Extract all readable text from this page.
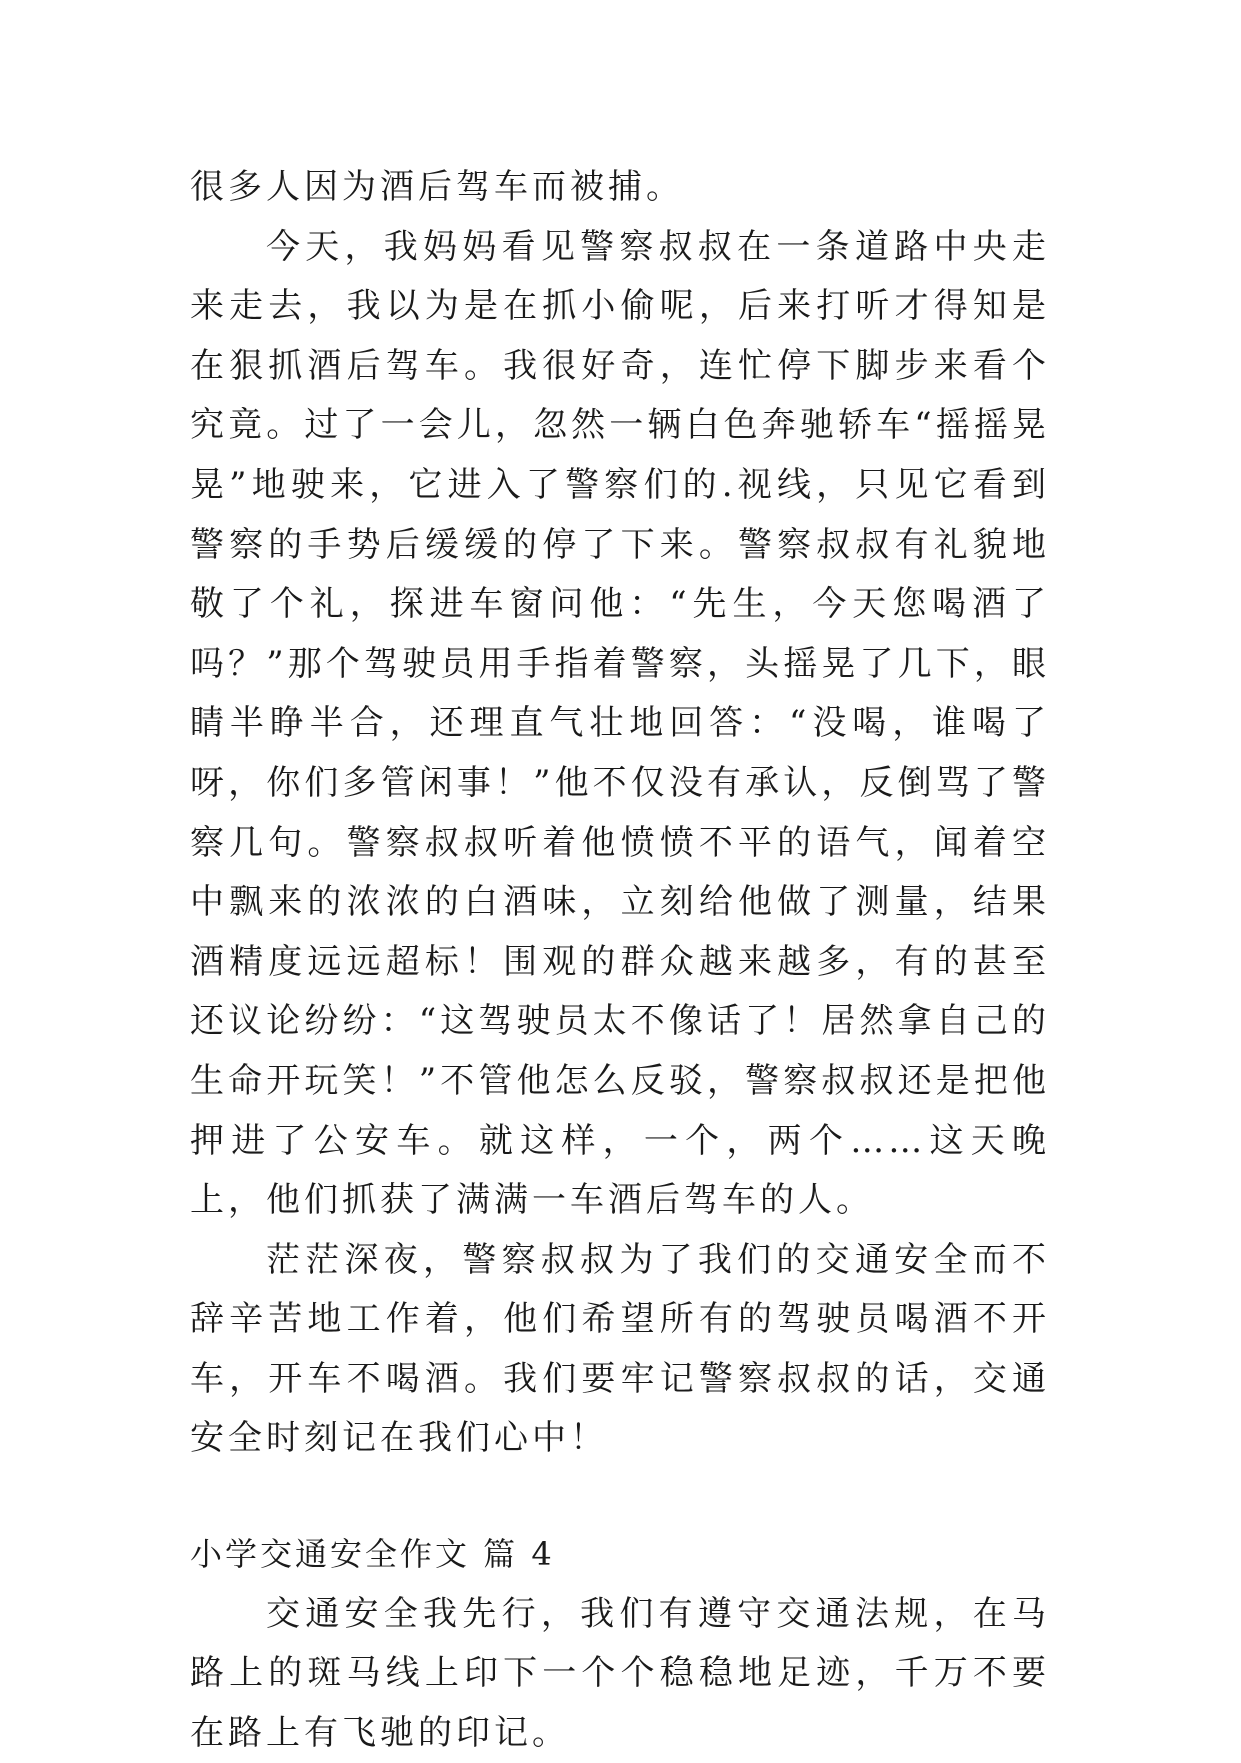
很多人因为酒后驾车而被捕。

今天，我妈妈看见警察叔叔在一条道路中央走来走去，我以为是在抓小偷呢，后来打听才得知是在狠抓酒后驾车。我很好奇，连忙停下脚步来看个究竟。过了一会儿，忽然一辆白色奔驰轿车“摇摇晃晃”地驶来，它进入了警察们的.视线，只见它看到警察的手势后缓缓的停了下来。警察叔叔有礼貌地敬了个礼，探进车窗问他：“先生，今天您喝酒了吗？”那个驾驶员用手指着警察，头摇晃了几下，眼睛半睁半合，还理直气壮地回答：“没喝，谁喝了呀，你们多管闲事！”他不仅没有承认，反倒骂了警察几句。警察叔叔听着他愤愤不平的语气，闻着空中飘来的浓浓的白酒味，立刻给他做了测量，结果酒精度远远超标！围观的群众越来越多，有的甚至还议论纷纷：“这驾驶员太不像话了！居然拿自己的生命开玩笑！”不管他怎么反驳，警察叔叔还是把他押进了公安车。就这样，一个，两个……这天晚上，他们抓获了满满一车酒后驾车的人。

茫茫深夜，警察叔叔为了我们的交通安全而不辞辛苦地工作着，他们希望所有的驾驶员喝酒不开车，开车不喝酒。我们要牢记警察叔叔的话，交通安全时刻记在我们心中！

小学交通安全作文 篇 4

交通安全我先行，我们有遵守交通法规，在马路上的斑马线上印下一个个稳稳地足迹，千万不要在路上有飞驰的印记。
